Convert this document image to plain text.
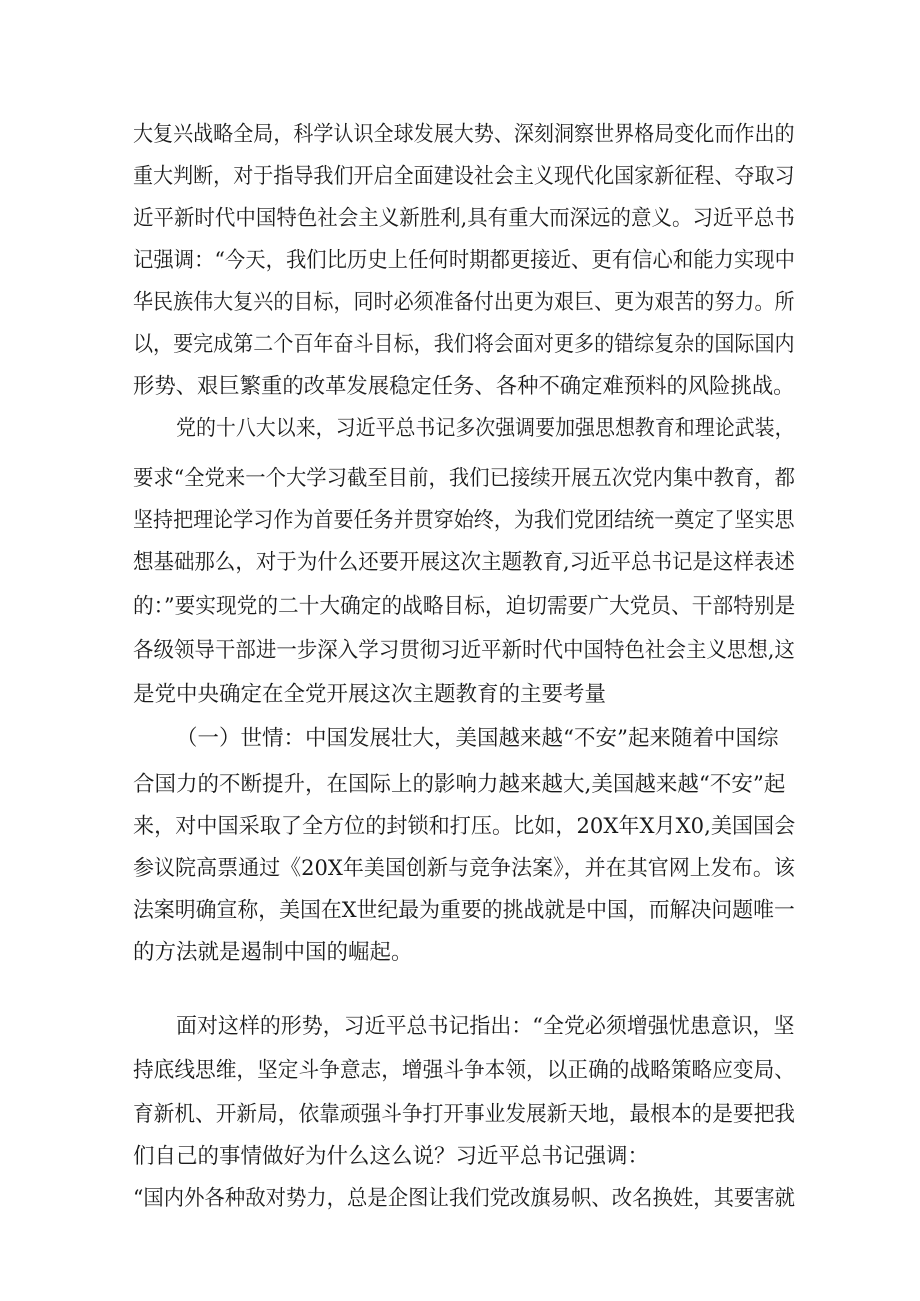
大复兴战略全局，科学认识全球发展大势、深刻洞察世界格局变化而作出的

重大判断，对于指导我们开启全面建设社会主义现代化国家新征程、夺取习

近平新时代中国特色社会主义新胜利,具有重大而深远的意义。习近平总书

记强调：“今天，我们比历史上任何时期都更接近、更有信心和能力实现中

华民族伟大复兴的目标，同时必须准备付出更为艰巨、更为艰苦的努力。所

以，要完成第二个百年奋斗目标，我们将会面对更多的错综复杂的国际国内

形势、艰巨繁重的改革发展稳定任务、各种不确定难预料的风险挑战。

党的十八大以来，习近平总书记多次强调要加强思想教育和理论武装，

要求“全党来一个大学习截至目前，我们已接续开展五次党内集中教育，都

坚持把理论学习作为首要任务并贯穿始终，为我们党团结统一奠定了坚实思

想基础那么，对于为什么还要开展这次主题教育,习近平总书记是这样表述

的：”要实现党的二十大确定的战略目标，迫切需要广大党员、干部特别是

各级领导干部进一步深入学习贯彻习近平新时代中国特色社会主义思想,这

是党中央确定在全党开展这次主题教育的主要考量

（一）世情：中国发展壮大，美国越来越“不安”起来随着中国综

合国力的不断提升，在国际上的影响力越来越大,美国越来越“不安”起

来，对中国采取了全方位的封锁和打压。比如，20X年X月X0,美国国会

参议院高票通过《20X年美国创新与竞争法案》，并在其官网上发布。该

法案明确宣称，美国在X世纪最为重要的挑战就是中国，而解决问题唯一

的方法就是遏制中国的崛起。

面对这样的形势，习近平总书记指出：“全党必须增强忧患意识，坚

持底线思维，坚定斗争意志，增强斗争本领，以正确的战略策略应变局、

育新机、开新局，依靠顽强斗争打开事业发展新天地，最根本的是要把我

们自己的事情做好为什么这么说？习近平总书记强调：

“国内外各种敌对势力，总是企图让我们党改旗易帜、改名换姓，其要害就
